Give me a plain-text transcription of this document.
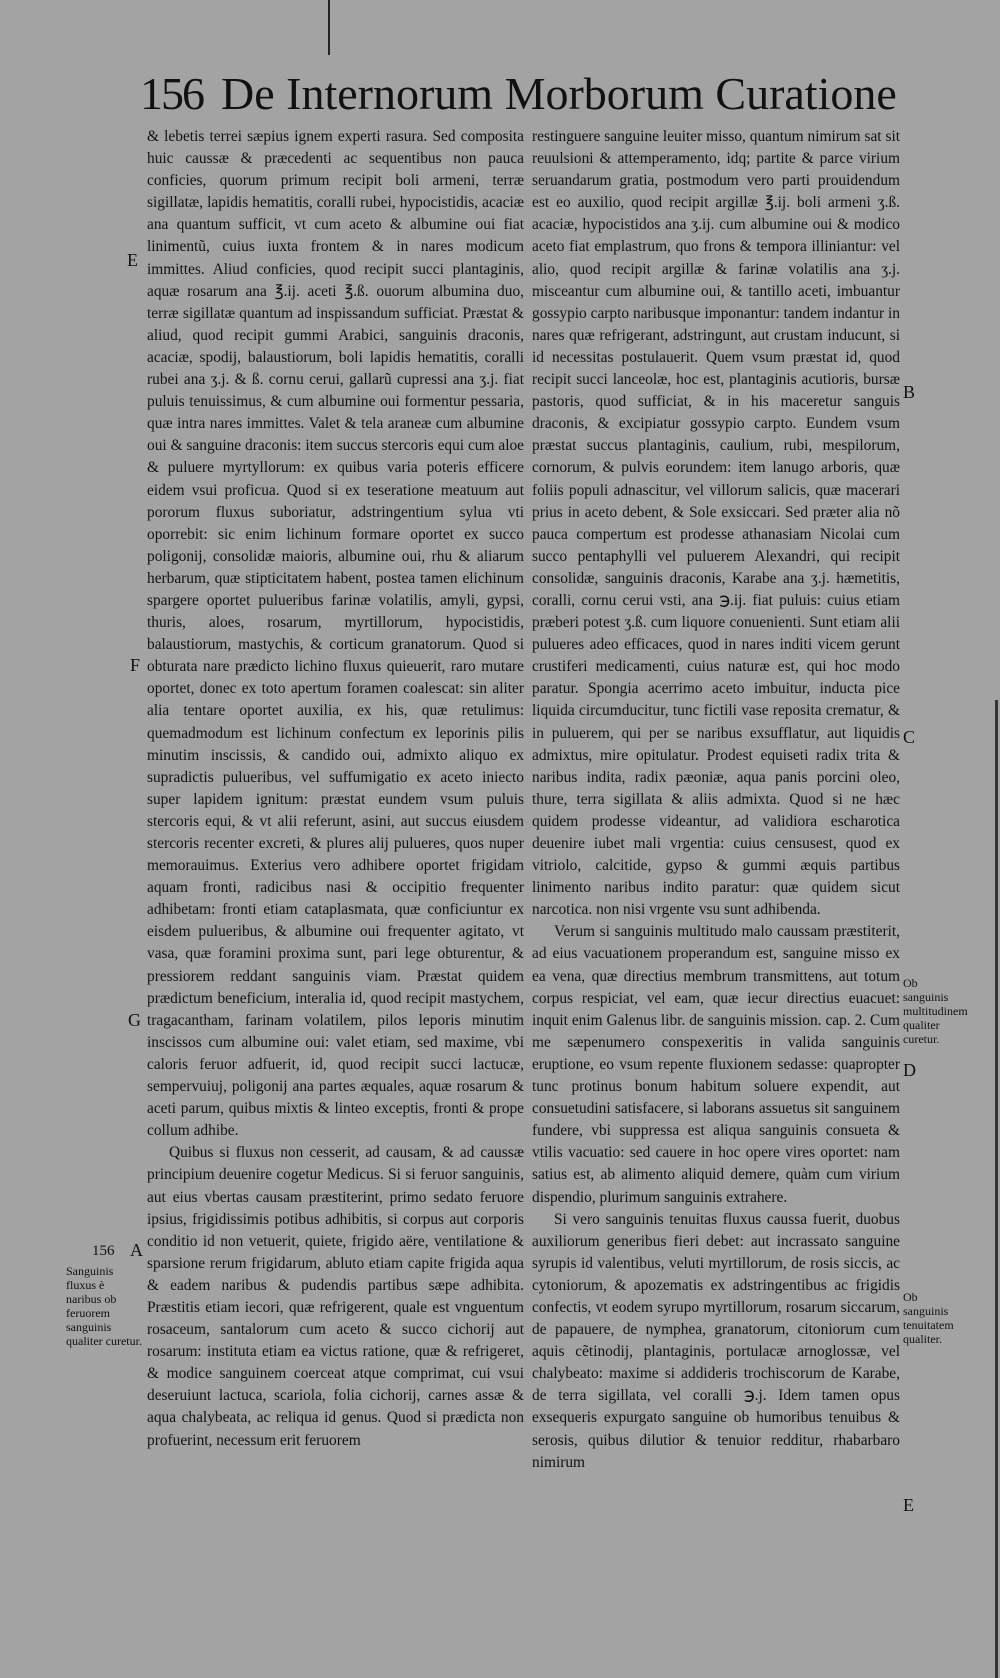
156 De Internorum Morborum Curatione

& lebetis terrei sæpius ignem experti rasura. Sed composita huic caussæ & præcedenti ac sequentibus non pauca conficies, quorum primum recipit boli armeni, terræ sigillatæ, lapidis hematitis, coralli rubei, hypocistidis, acaciæ ana quantum sufficit, vt cum aceto & albumine oui fiat linimentũ, cuius iuxta frontem & in nares modicum immittes. Aliud conficies, quod recipit succi plantaginis, aquæ rosarum ana ℥.ij. aceti ℥.ß. ouorum albumina duo, terræ sigillatæ quantum ad inspissandum sufficiat. Præstat & aliud, quod recipit gummi Arabici, sanguinis draconis, acaciæ, spodij, balaustiorum, boli lapidis hematitis, coralli rubei ana ʒ.j. & ß. cornu cerui, gallarũ cupressi ana ʒ.j. fiat puluis tenuissimus, & cum albumine oui formentur pessaria, quæ intra nares immittes. Valet & tela araneæ cum albumine oui & sanguine draconis: item succus stercoris equi cum aloe & puluere myrtyllorum: ex quibus varia poteris efficere eidem vsui proficua. Quod si ex teseratione meatuum aut pororum fluxus suboriatur, adstringentium sylua vti oporrebit: sic enim lichinum formare oportet ex succo poligonij, consolidæ maioris, albumine oui, rhu & aliarum herbarum, quæ stipticitatem habent, postea tamen elichinum spargere oportet pulueribus farinæ volatilis, amyli, gypsi, thuris, aloes, rosarum, myrtillorum, hypocistidis, balaustiorum, mastychis, & corticum granatorum. Quod si obturata nare prædicto lichino fluxus quieuerit, raro mutare oportet, donec ex toto apertum foramen coalescat: sin aliter alia tentare oportet auxilia, ex his, quæ retulimus: quemadmodum est lichinum confectum ex leporinis pilis minutim inscissis, & candido oui, admixto aliquo ex supradictis pulueribus, vel suffumigatio ex aceto iniecto super lapidem ignitum: præstat eundem vsum puluis stercoris equi, & vt alii referunt, asini, aut succus eiusdem stercoris recenter excreti, & plures alij pulueres, quos nuper memorauimus. Exterius vero adhibere oportet frigidam aquam fronti, radicibus nasi & occipitio frequenter adhibetam: fronti etiam cataplasmata, quæ conficiuntur ex eisdem pulueribus, & albumine oui frequenter agitato, vt vasa, quæ foramini proxima sunt, pari lege obturentur, & pressiorem reddant sanguinis viam. Præstat quidem prædictum beneficium, interalia id, quod recipit mastychem, tragacantham, farinam volatilem, pilos leporis minutim inscissos cum albumine oui: valet etiam, sed maxime, vbi caloris feruor adfuerit, id, quod recipit succi lactucæ, sempervuiuj, poligonij ana partes æquales, aquæ rosarum & aceti parum, quibus mixtis & linteo exceptis, fronti & prope collum adhibe.

Quibus si fluxus non cesserit, ad causam, & ad caussæ principium deuenire cogetur Medicus. Si si feruor sanguinis, aut eius vbertas causam præstiterint, primo sedato feruore ipsius, frigidissimis potibus adhibitis, si corpus aut corporis conditio id non vetuerit, quiete, frigido aëre, ventilatione & sparsione rerum frigidarum, abluto etiam capite frigida aqua & eadem naribus & pudendis partibus sæpe adhibita. Præstitis etiam iecori, quæ refrigerent, quale est vnguentum rosaceum, santalorum cum aceto & succo cichorij aut rosarum: instituta etiam ea victus ratione, quæ & refrigeret, & modice sanguinem coerceat atque comprimat, cui vsui deseruiunt lactuca, scariola, folia cichorij, carnes assæ & aqua chalybeata, ac reliqua id genus. Quod si prædicta non profuerint, necessum erit feruorem

restinguere sanguine leuiter misso, quantum nimirum sat sit reuulsioni & attemperamento, idq; partite & parce virium seruandarum gratia, postmodum vero parti prouidendum est eo auxilio, quod recipit argillæ ℥.ij. boli armeni ʒ.ß. acaciæ, hypocistidos ana ʒ.ij. cum albumine oui & modico aceto fiat emplastrum, quo frons & tempora illiniantur: vel alio, quod recipit argillæ & farinæ volatilis ana ʒ.j. misceantur cum albumine oui, & tantillo aceti, imbuantur gossypio carpto naribusque imponantur: tandem indantur in nares quæ refrigerant, adstringunt, aut crustam inducunt, si id necessitas postulauerit. Quem vsum præstat id, quod recipit succi lanceolæ, hoc est, plantaginis acutioris, bursæ pastoris, quod sufficiat, & in his maceretur sanguis draconis, & excipiatur gossypio carpto. Eundem vsum præstat succus plantaginis, caulium, rubi, mespilorum, cornorum, & pulvis eorundem: item lanugo arboris, quæ foliis populi adnascitur, vel villorum salicis, quæ macerari prius in aceto debent, & Sole exsiccari. Sed præter alia nõ pauca compertum est prodesse athanasiam Nicolai cum succo pentaphylli vel puluerem Alexandri, qui recipit consolidæ, sanguinis draconis, Karabe ana ʒ.j. hæmetitis, coralli, cornu cerui vsti, ana ℈.ij. fiat puluis: cuius etiam præberi potest ʒ.ß. cum liquore conuenienti. Sunt etiam alii pulueres adeo efficaces, quod in nares inditi vicem gerunt crustiferi medicamenti, cuius naturæ est, qui hoc modo paratur. Spongia acerrimo aceto imbuitur, inducta pice liquida circumducitur, tunc fictili vase reposita crematur, & in puluerem, qui per se naribus exsufflatur, aut liquidis admixtus, mire opitulatur. Prodest equiseti radix trita & naribus indita, radix pæoniæ, aqua panis porcini oleo, thure, terra sigillata & aliis admixta. Quod si ne hæc quidem prodesse videantur, ad validiora escharotica deuenire iubet mali vrgentia: cuius censusest, quod ex vitriolo, calcitide, gypso & gummi æquis partibus linimento naribus indito paratur: quæ quidem sicut narcotica. non nisi vrgente vsu sunt adhibenda.

Verum si sanguinis multitudo malo caussam præstiterit, ad eius vacuationem properandum est, sanguine misso ex ea vena, quæ directius membrum transmittens, aut totum corpus respiciat, vel eam, quæ iecur directius euacuet: inquit enim Galenus libr. de sanguinis mission. cap. 2. Cum me sæpenumero conspexeritis in valida sanguinis eruptione, eo vsum repente fluxionem sedasse: quapropter tunc protinus bonum habitum soluere expendit, aut consuetudini satisfacere, si laborans assuetus sit sanguinem fundere, vbi suppressa est aliqua sanguinis consueta & vtilis vacuatio: sed cauere in hoc opere vires oportet: nam satius est, ab alimento aliquid demere, quàm cum virium dispendio, plurimum sanguinis extrahere.

Si vero sanguinis tenuitas fluxus caussa fuerit, duobus auxiliorum generibus fieri debet: aut incrassato sanguine syrupis id valentibus, veluti myrtillorum, de rosis siccis, ac cytoniorum, & apozematis ex adstringentibus ac frigidis confectis, vt eodem syrupo myrtillorum, rosarum siccarum, de papauere, de nymphea, granatorum, citoniorum cum aquis cẽtinodij, plantaginis, portulacæ arnoglossæ, vel chalybeato: maxime si addideris trochiscorum de Karabe, de terra sigillata, vel coralli ℈.j. Idem tamen opus exsequeris expurgato sanguine ob humoribus tenuibus & serosis, quibus dilutior & tenuior redditur, rhabarbaro nimirum

E
F
G
A
B
C
D
E
156
Sanguinis fluxus è naribus ob feruorem sanguinis qualiter curetur.
Ob sanguinis multitudinem qualiter curetur.
Ob sanguinis tenuitatem qualiter.
